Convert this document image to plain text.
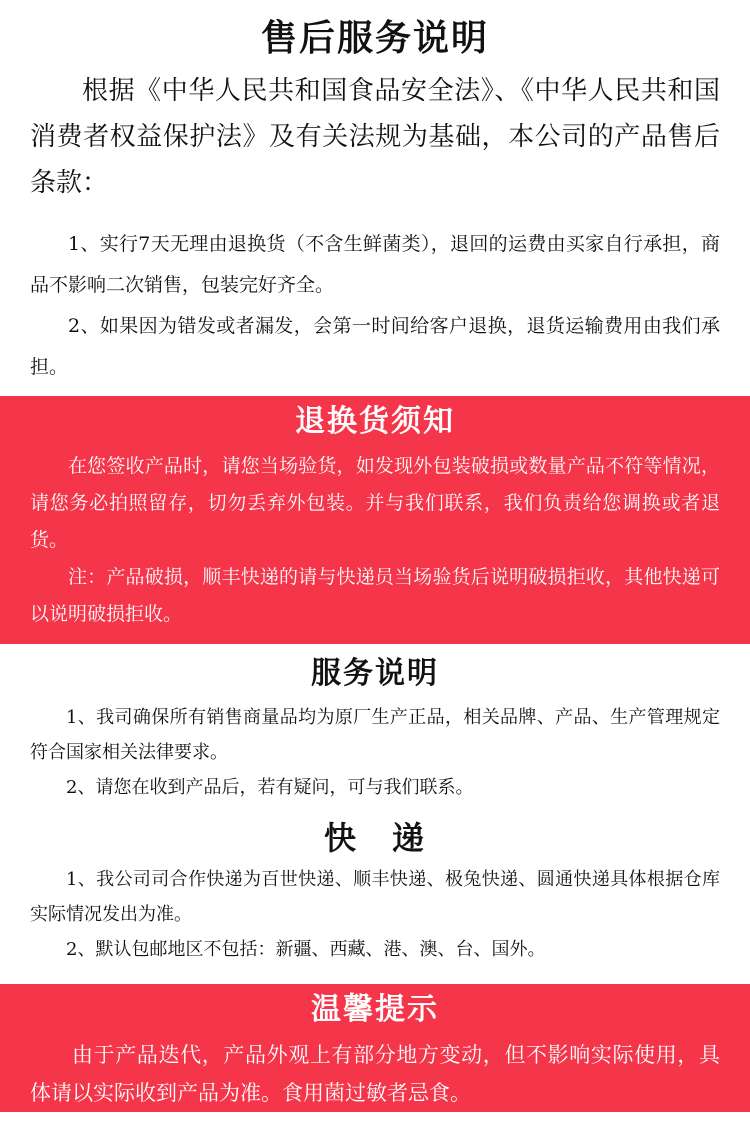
售后服务说明

根据《中华人民共和国食品安全法》、《中华人民共和国消费者权益保护法》及有关法规为基础，本公司的产品售后条款：

1、实行7天无理由退换货（不含生鲜菌类），退回的运费由买家自行承担，商品不影响二次销售，包装完好齐全。

2、如果因为错发或者漏发，会第一时间给客户退换，退货运输费用由我们承担。

退换货须知

在您签收产品时，请您当场验货，如发现外包装破损或数量产品不符等情况，请您务必拍照留存，切勿丢弃外包装。并与我们联系，我们负责给您调换或者退货。

注：产品破损，顺丰快递的请与快递员当场验货后说明破损拒收，其他快递可以说明破损拒收。

服务说明

1、我司确保所有销售商量品均为原厂生产正品，相关品牌、产品、生产管理规定符合国家相关法律要求。

2、请您在收到产品后，若有疑问，可与我们联系。

快　递

1、我公司司合作快递为百世快递、顺丰快递、极兔快递、圆通快递具体根据仓库实际情况发出为准。

2、默认包邮地区不包括：新疆、西藏、港、澳、台、国外。

温馨提示

由于产品迭代，产品外观上有部分地方变动，但不影响实际使用，具体请以实际收到产品为准。食用菌过敏者忌食。
